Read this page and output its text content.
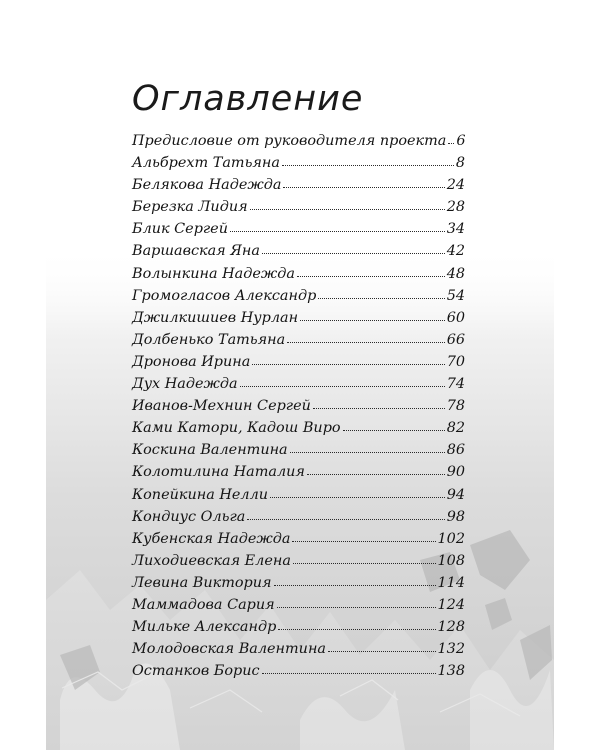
Оглавление
Предисловие от руководителя проекта 6
Альбрехт Татьяна	8
Белякова Надежда	24
Березка Лидия	28
Блик Сергей	34
Варшавская Яна	42
Волынкина Надежда	48
Громогласов Александр	54
Джилкишиев Нурлан	60
Долбенько Татьяна	66
Дронова Ирина	70
Дух Надежда	74
Иванов-Мехнин Сергей	78
Ками Катори, Кадош Виро	82
Коскина Валентина	86
Колотилина Наталия	90
Копейкина Нелли	94
Кондиус Ольга	98
Кубенская Надежда	102
Лиходиевская Елена	108
Левина Виктория	114
Маммадова Сария	124
Мильке Александр	128
Молодовская Валентина	132
Останков Борис	138
